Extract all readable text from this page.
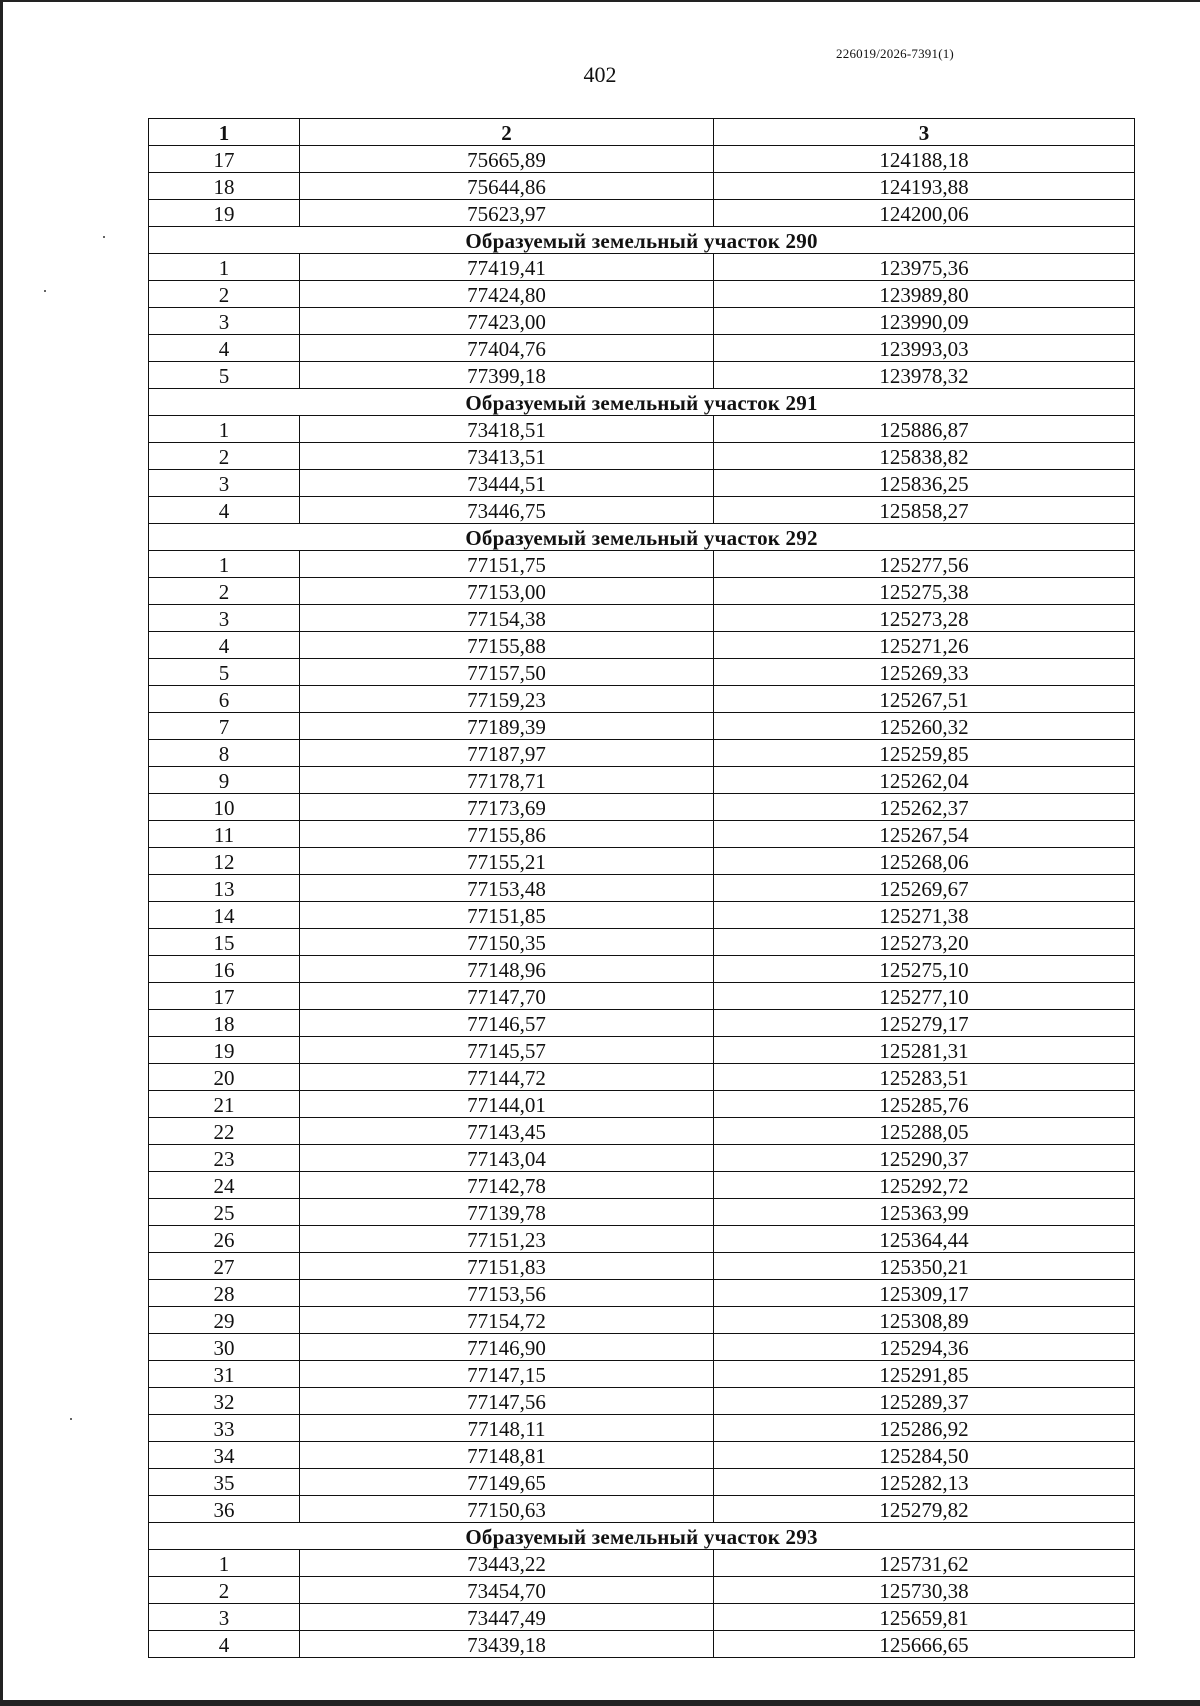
226019/2026-7391(1)
402
1	2	3
17	75665,89	124188,18
18	75644,86	124193,88
19	75623,97	124200,06
Образуемый земельный участок 290		
1	77419,41	123975,36
2	77424,80	123989,80
3	77423,00	123990,09
4	77404,76	123993,03
5	77399,18	123978,32
Образуемый земельный участок 291		
1	73418,51	125886,87
2	73413,51	125838,82
3	73444,51	125836,25
4	73446,75	125858,27
Образуемый земельный участок 292		
1	77151,75	125277,56
2	77153,00	125275,38
3	77154,38	125273,28
4	77155,88	125271,26
5	77157,50	125269,33
6	77159,23	125267,51
7	77189,39	125260,32
8	77187,97	125259,85
9	77178,71	125262,04
10	77173,69	125262,37
11	77155,86	125267,54
12	77155,21	125268,06
13	77153,48	125269,67
14	77151,85	125271,38
15	77150,35	125273,20
16	77148,96	125275,10
17	77147,70	125277,10
18	77146,57	125279,17
19	77145,57	125281,31
20	77144,72	125283,51
21	77144,01	125285,76
22	77143,45	125288,05
23	77143,04	125290,37
24	77142,78	125292,72
25	77139,78	125363,99
26	77151,23	125364,44
27	77151,83	125350,21
28	77153,56	125309,17
29	77154,72	125308,89
30	77146,90	125294,36
31	77147,15	125291,85
32	77147,56	125289,37
33	77148,11	125286,92
34	77148,81	125284,50
35	77149,65	125282,13
36	77150,63	125279,82
Образуемый земельный участок 293		
1	73443,22	125731,62
2	73454,70	125730,38
3	73447,49	125659,81
4	73439,18	125666,65
